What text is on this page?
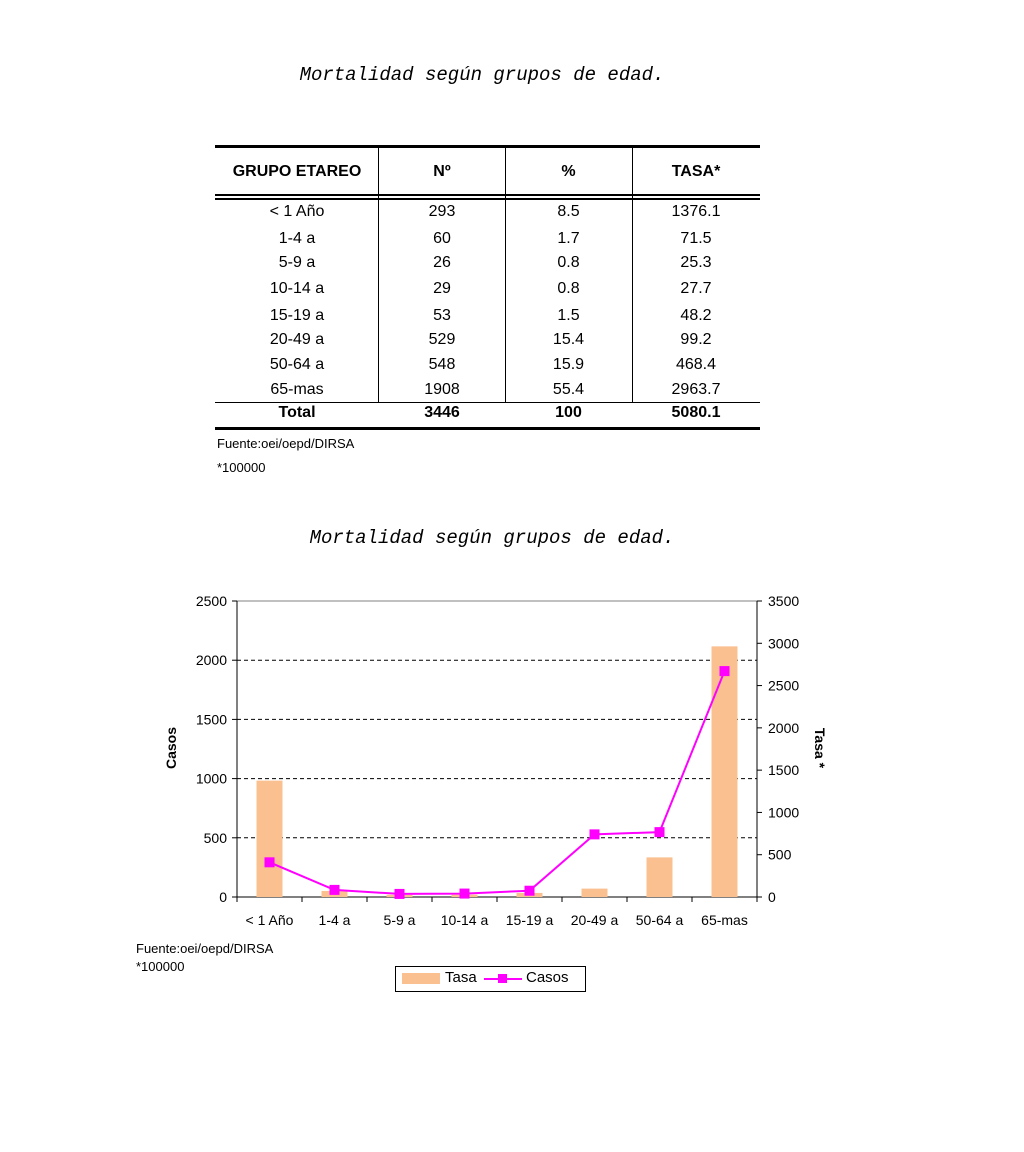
Mortalidad según grupos de edad.
GRUPO ETAREO	Nº	%	TASA*
< 1 Año	293	8.5	1376.1
1-4 a	60	1.7	71.5
5-9 a	26	0.8	25.3
10-14 a	29	0.8	27.7
15-19 a	53	1.5	48.2
20-49 a	529	15.4	99.2
50-64 a	548	15.9	468.4
65-mas	1908	55.4	2963.7
Total	3446	100	5080.1
Fuente:oei/oepd/DIRSA
*100000
Mortalidad según grupos de edad.
0
500
1000
1500
2000
2500
0
500
1000
1500
2000
2500
3000
3500
< 1 Año 1-4 a 5-9 a 10-14 a 15-19 a 20-49 a 50-64 a 65-mas
Casos	Tasa *
Fuente:oei/oepd/DIRSA
*100000
Tasa	Casos
